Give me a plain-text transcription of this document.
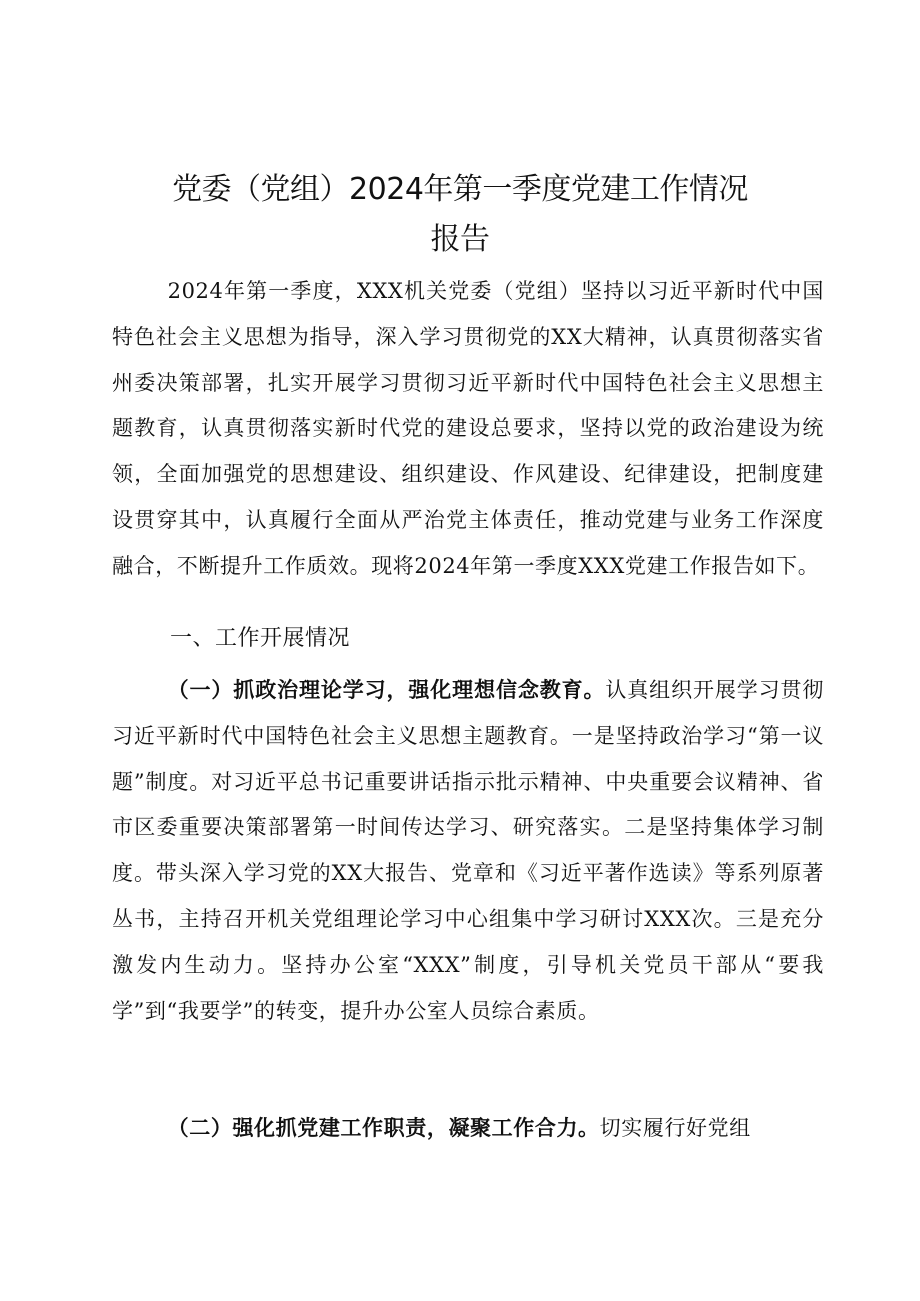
党委（党组）2024年第一季度党建工作情况
报告
2024年第一季度，XXX机关党委（党组）坚持以习近平新时代中国特色社会主义思想为指导，深入学习贯彻党的XX大精神，认真贯彻落实省州委决策部署，扎实开展学习贯彻习近平新时代中国特色社会主义思想主题教育，认真贯彻落实新时代党的建设总要求，坚持以党的政治建设为统领，全面加强党的思想建设、组织建设、作风建设、纪律建设，把制度建设贯穿其中，认真履行全面从严治党主体责任，推动党建与业务工作深度融合，不断提升工作质效。现将2024年第一季度XXX党建工作报告如下。
一、工作开展情况
（一）抓政治理论学习，强化理想信念教育。认真组织开展学习贯彻习近平新时代中国特色社会主义思想主题教育。一是坚持政治学习“第一议题”制度。对习近平总书记重要讲话指示批示精神、中央重要会议精神、省市区委重要决策部署第一时间传达学习、研究落实。二是坚持集体学习制度。带头深入学习党的XX大报告、党章和《习近平著作选读》等系列原著丛书，主持召开机关党组理论学习中心组集中学习研讨XXX次。三是充分激发内生动力。坚持办公室“XXX”制度，引导机关党员干部从“要我学”到“我要学”的转变，提升办公室人员综合素质。
（二）强化抓党建工作职责，凝聚工作合力。切实履行好党组
